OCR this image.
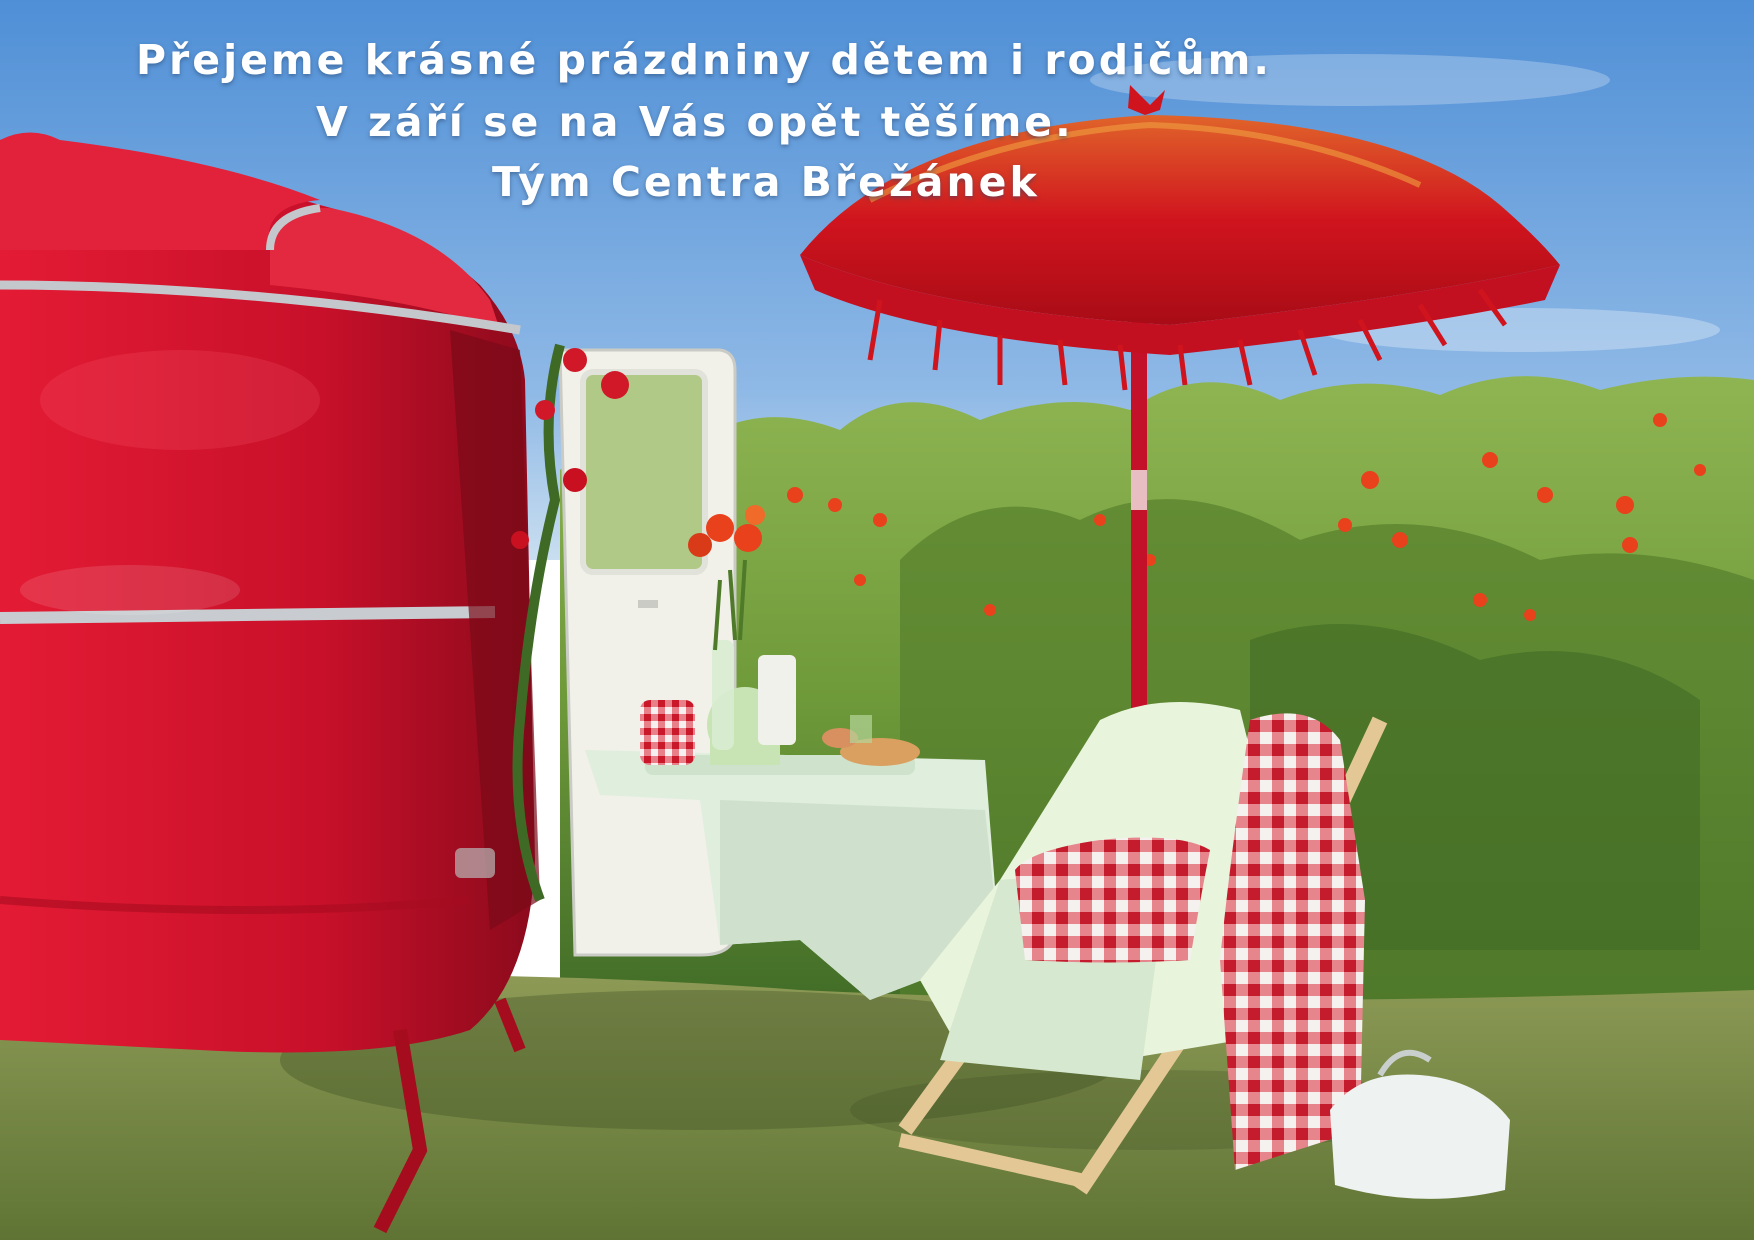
Přejeme krásné prázdniny dětem i rodičům.
V září se na Vás opět těšíme.
Tým Centra Břežánek
